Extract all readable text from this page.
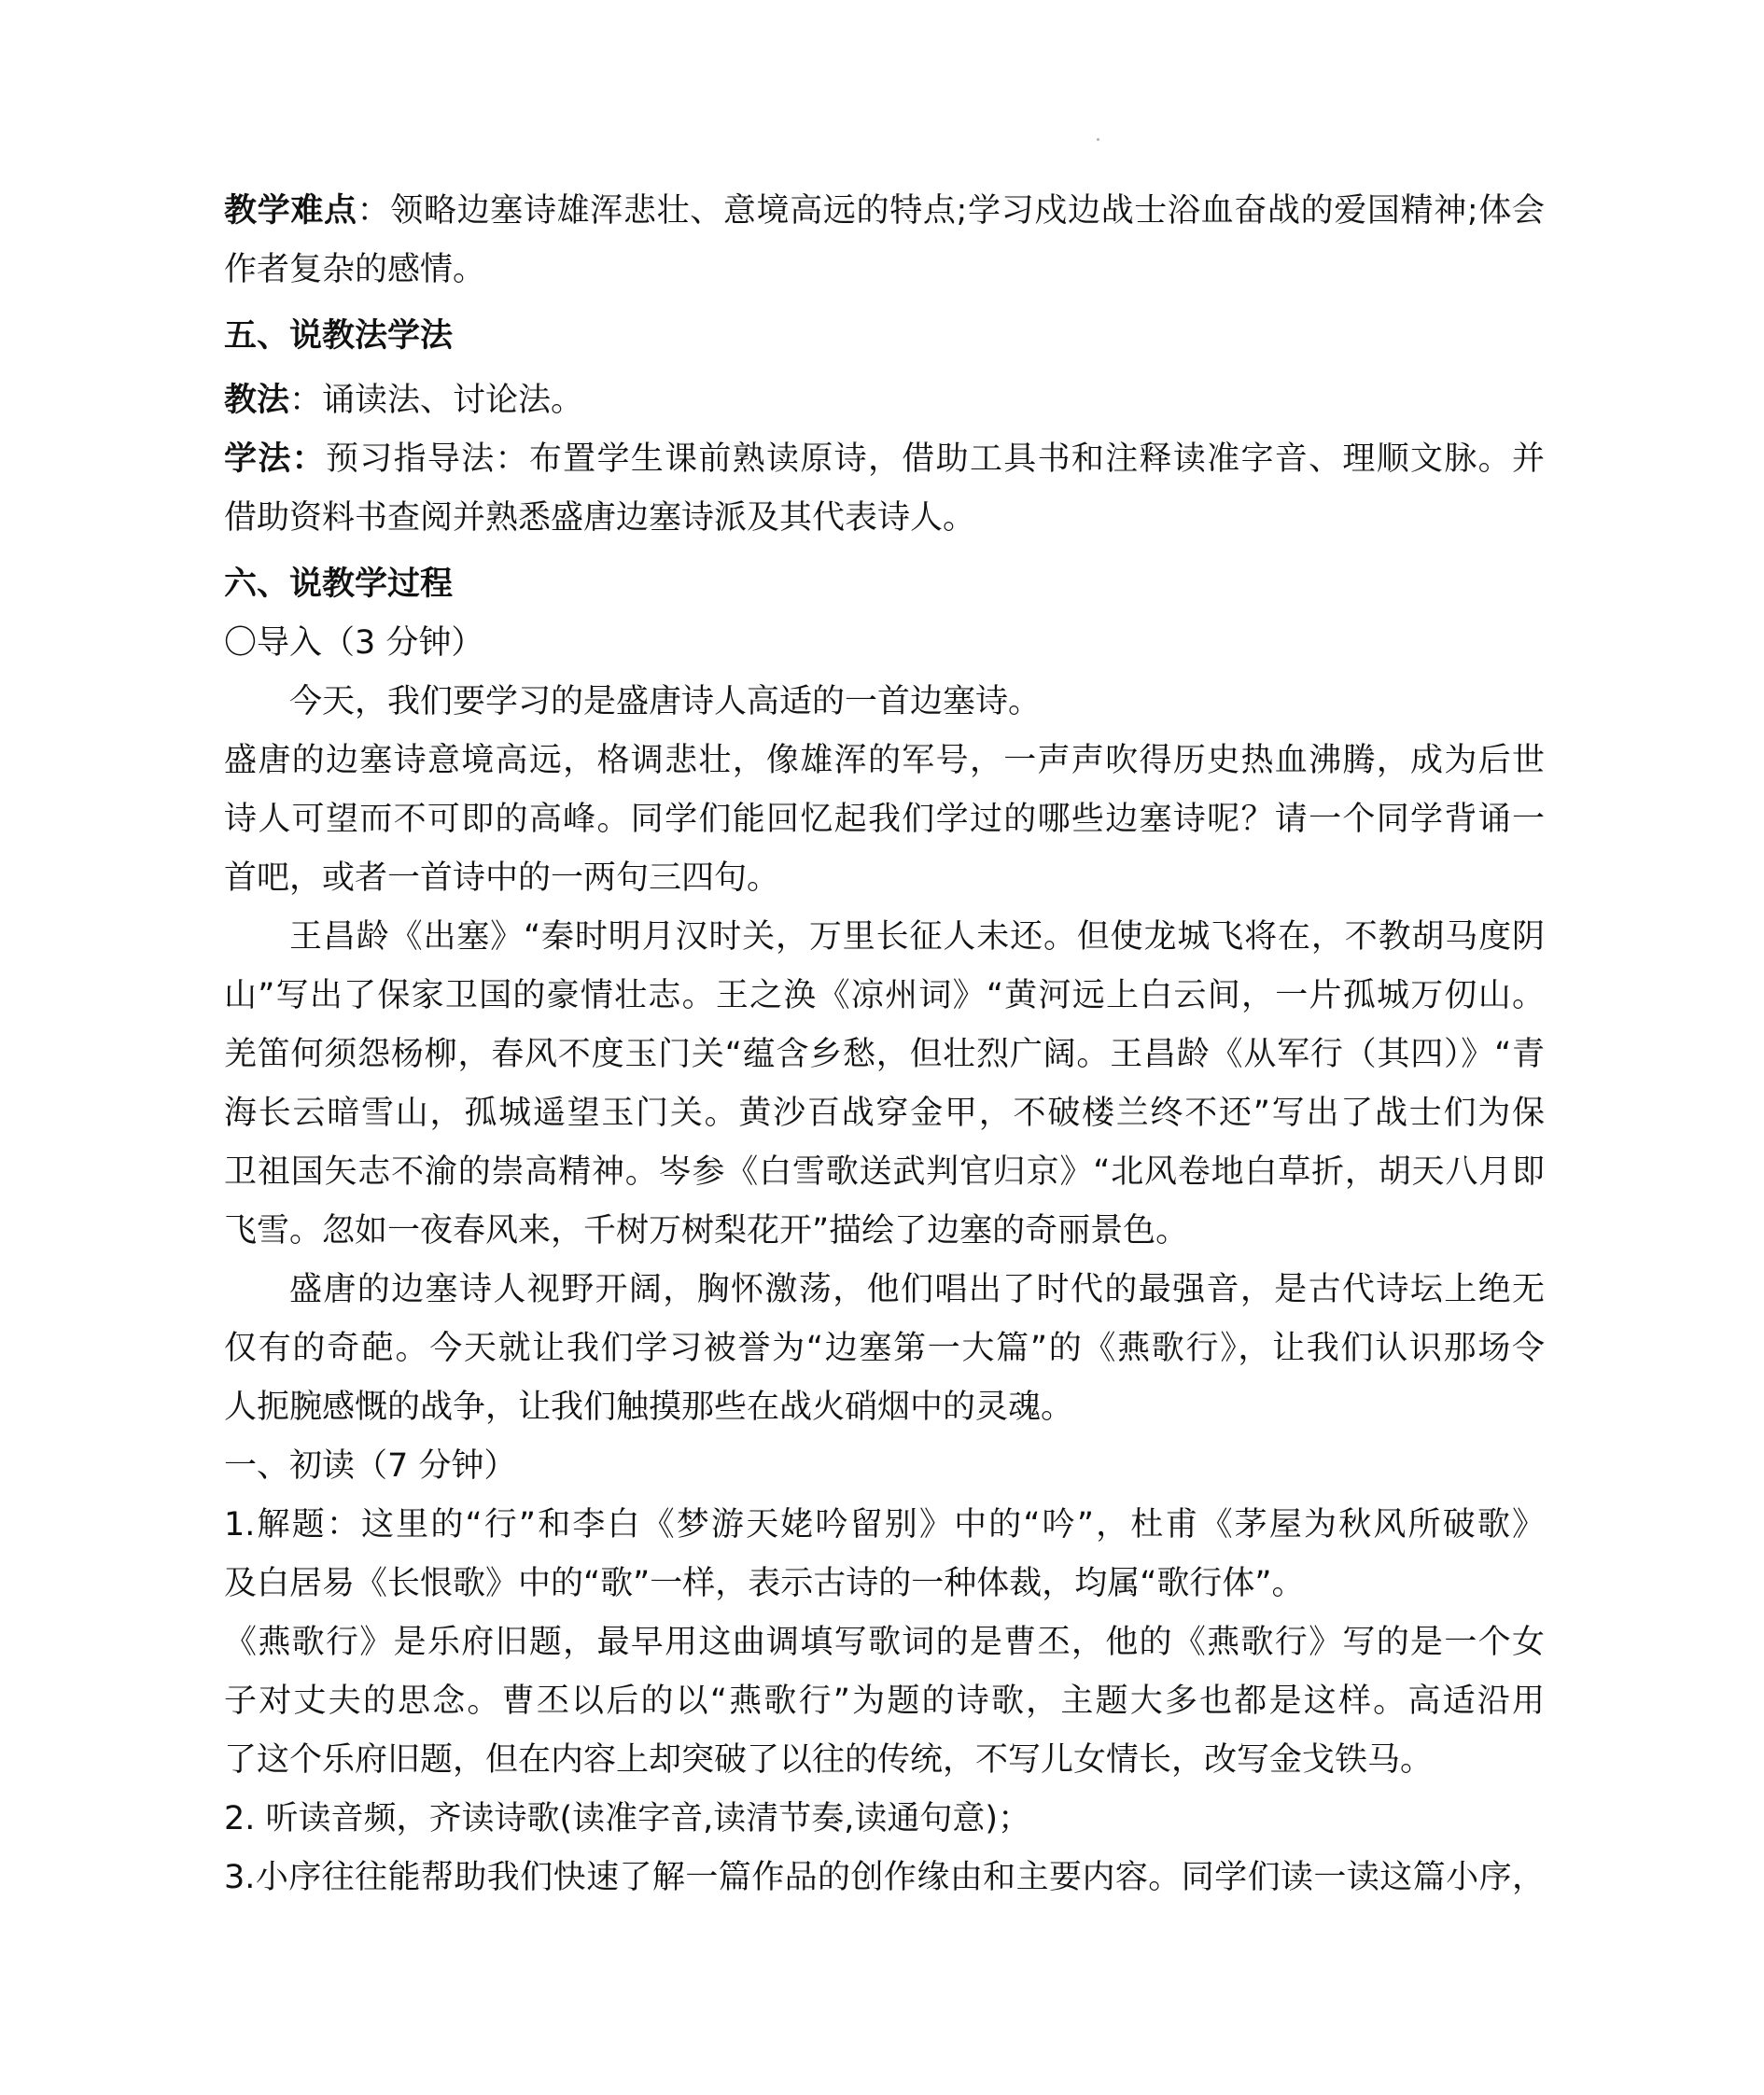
教学难点：领略边塞诗雄浑悲壮、意境高远的特点;学习戍边战士浴血奋战的爱国精神;体会
作者复杂的感情。
五、说教法学法
教法：诵读法、讨论法。
学法：预习指导法：布置学生课前熟读原诗，借助工具书和注释读准字音、理顺文脉。并
借助资料书查阅并熟悉盛唐边塞诗派及其代表诗人。
六、说教学过程
〇导入（3 分钟）
今天，我们要学习的是盛唐诗人高适的一首边塞诗。
盛唐的边塞诗意境高远，格调悲壮，像雄浑的军号，一声声吹得历史热血沸腾，成为后世
诗人可望而不可即的高峰。同学们能回忆起我们学过的哪些边塞诗呢？请一个同学背诵一
首吧，或者一首诗中的一两句三四句。
王昌龄《出塞》“秦时明月汉时关，万里长征人未还。但使龙城飞将在，不教胡马度阴
山”写出了保家卫国的豪情壮志。王之涣《凉州词》“黄河远上白云间，一片孤城万仞山。
羌笛何须怨杨柳，春风不度玉门关“蕴含乡愁，但壮烈广阔。王昌龄《从军行（其四）》“青
海长云暗雪山，孤城遥望玉门关。黄沙百战穿金甲，不破楼兰终不还”写出了战士们为保
卫祖国矢志不渝的崇高精神。岑参《白雪歌送武判官归京》“北风卷地白草折，胡天八月即
飞雪。忽如一夜春风来，千树万树梨花开”描绘了边塞的奇丽景色。
盛唐的边塞诗人视野开阔，胸怀激荡，他们唱出了时代的最强音，是古代诗坛上绝无
仅有的奇葩。今天就让我们学习被誉为“边塞第一大篇”的《燕歌行》，让我们认识那场令
人扼腕感慨的战争，让我们触摸那些在战火硝烟中的灵魂。
一、初读（7 分钟）
1.解题：这里的“行”和李白《梦游天姥吟留别》中的“吟”，杜甫《茅屋为秋风所破歌》
及白居易《长恨歌》中的“歌”一样，表示古诗的一种体裁，均属“歌行体”。
《燕歌行》是乐府旧题，最早用这曲调填写歌词的是曹丕，他的《燕歌行》写的是一个女
子对丈夫的思念。曹丕以后的以“燕歌行”为题的诗歌，主题大多也都是这样。高适沿用
了这个乐府旧题，但在内容上却突破了以往的传统，不写儿女情长，改写金戈铁马。
2. 听读音频，齐读诗歌(读准字音,读清节奏,读通句意)；
3.小序往往能帮助我们快速了解一篇作品的创作缘由和主要内容。同学们读一读这篇小序，
